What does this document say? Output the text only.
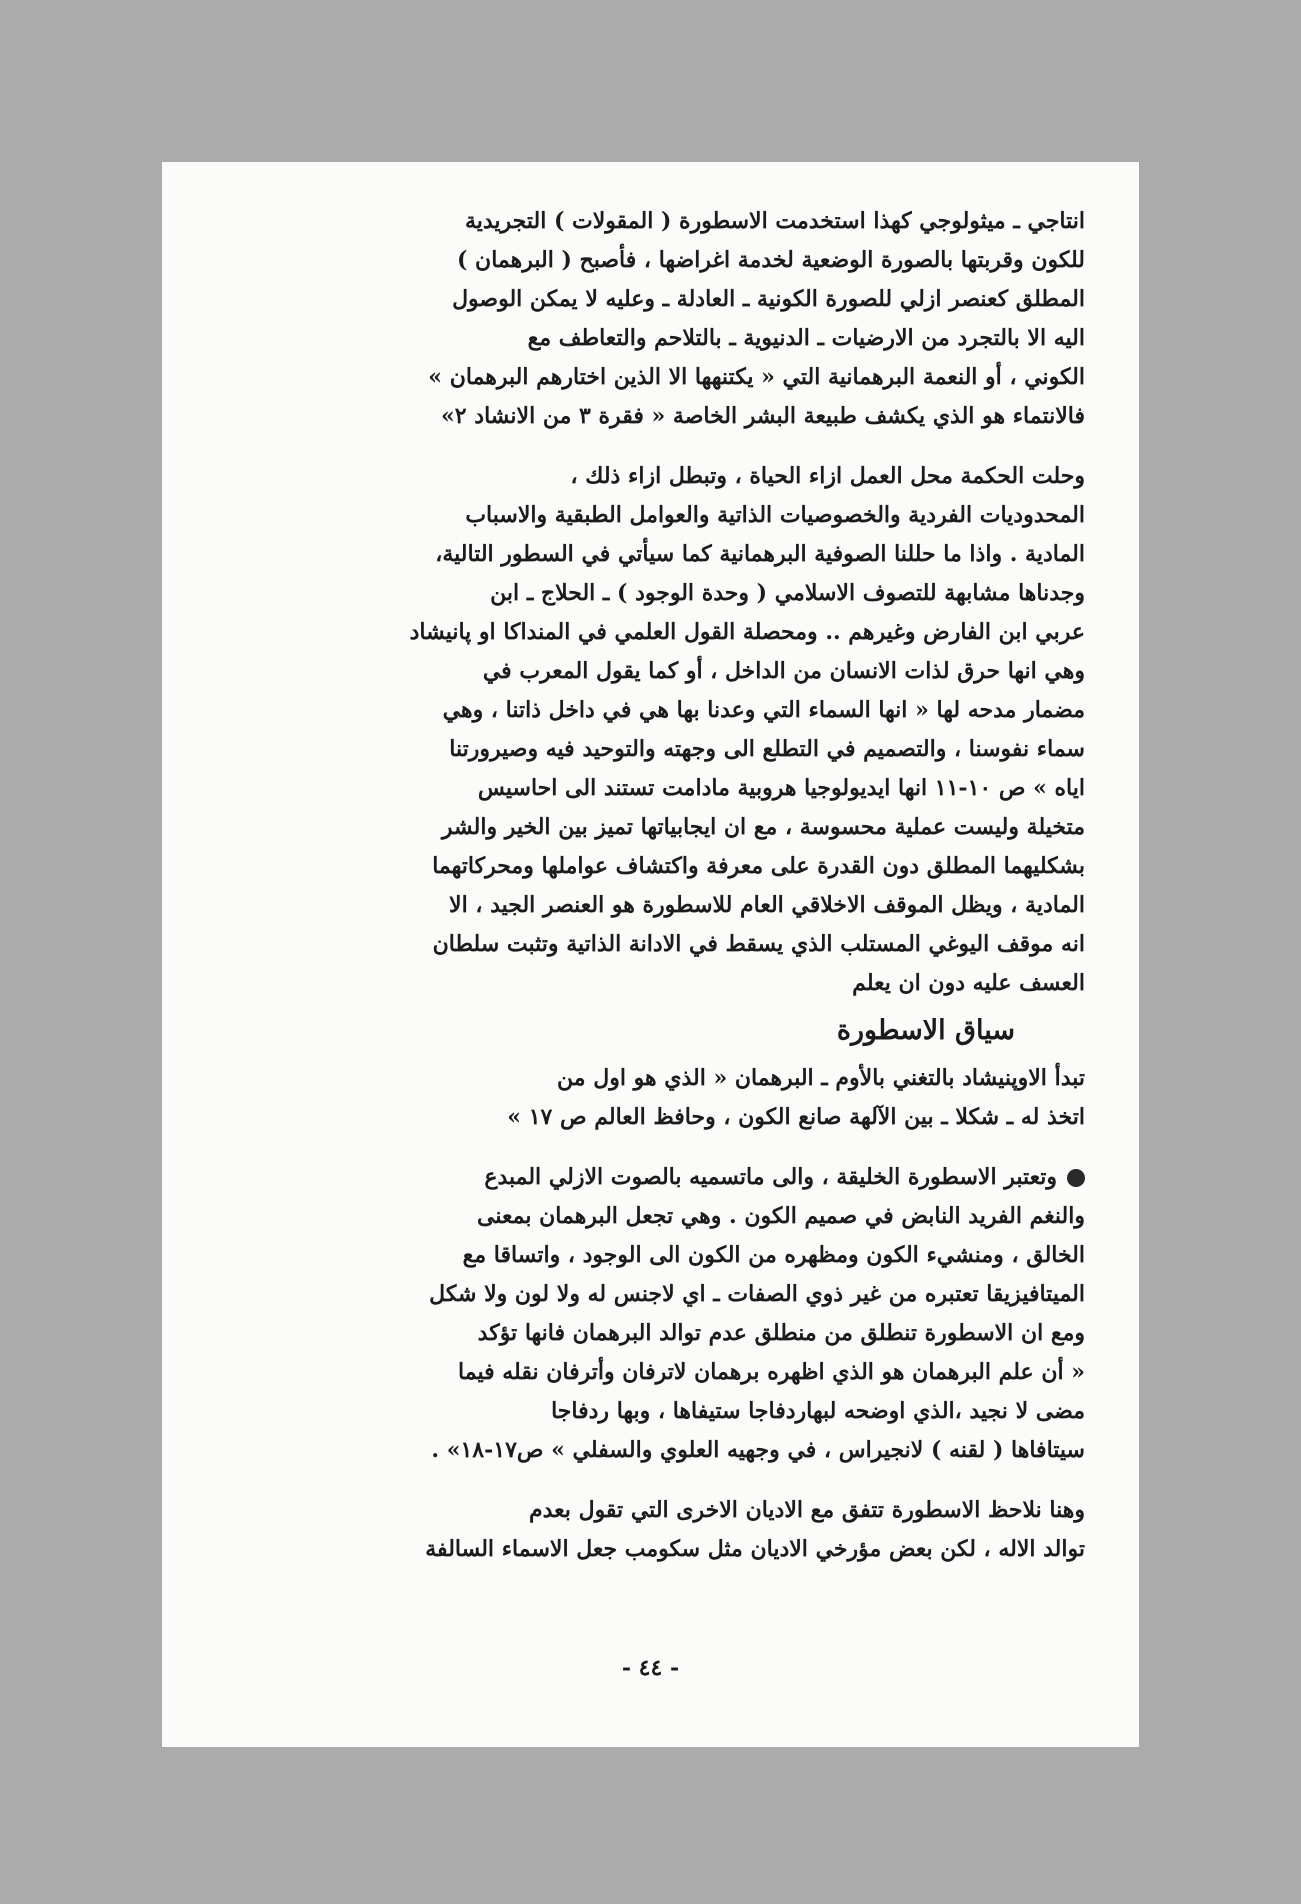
انتاجي ـ ميثولوجي كهذا استخدمت الاسطورة ( المقولات ) التجريدية
للكون وقربتها بالصورة الوضعية لخدمة اغراضها ، فأصبح ( البرهمان )
المطلق كعنصر ازلي للصورة الكونية ـ العادلة ـ وعليه لا يمكن الوصول
اليه الا بالتجرد من الارضيات ـ الدنيوية ـ بالتلاحم والتعاطف مع
الكوني ، أو النعمة البرهمانية التي « يكتنهها الا الذين اختارهم البرهمان »
فالانتماء هو الذي يكشف طبيعة البشر الخاصة « فقرة ٣ من الانشاد ٢»
وحلت الحكمة محل العمل ازاء الحياة ، وتبطل ازاء ذلك ،
المحدوديات الفردية والخصوصيات الذاتية والعوامل الطبقية والاسباب
المادية . واذا ما حللنا الصوفية البرهمانية كما سيأتي في السطور التالية،
وجدناها مشابهة للتصوف الاسلامي ( وحدة الوجود ) ـ الحلاج ـ ابن
عربي ابن الفارض وغيرهم .. ومحصلة القول العلمي في المنداكا او پانيشاد
وهي انها حرق لذات الانسان من الداخل ، أو كما يقول المعرب في
مضمار مدحه لها « انها السماء التي وعدنا بها هي في داخل ذاتنا ، وهي
سماء نفوسنا ، والتصميم في التطلع الى وجهته والتوحيد فيه وصيرورتنا
اياه » ص ١٠-١١ انها ايديولوجيا هروبية مادامت تستند الى احاسيس
متخيلة وليست عملية محسوسة ، مع ان ايجابياتها تميز بين الخير والشر
بشكليهما المطلق دون القدرة على معرفة واكتشاف عواملها ومحركاتهما
المادية ، ويظل الموقف الاخلاقي العام للاسطورة هو العنصر الجيد ، الا
انه موقف اليوغي المستلب الذي يسقط في الادانة الذاتية وتثبت سلطان
العسف عليه دون ان يعلم
سياق الاسطورة
تبدأ الاوپنيشاد بالتغني بالأوم ـ البرهمان « الذي هو اول من
اتخذ له ـ شكلا ـ بين الآلهة صانع الكون ، وحافظ العالم ص ١٧ »
وتعتبر الاسطورة الخليقة ، والى ماتسميه بالصوت الازلي المبدع
والنغم الفريد النابض في صميم الكون . وهي تجعل البرهمان بمعنى
الخالق ، ومنشيء الكون ومظهره من الكون الى الوجود ، واتساقا مع
الميتافيزيقا تعتبره من غير ذوي الصفات ـ اي لاجنس له ولا لون ولا شكل
ومع ان الاسطورة تنطلق من منطلق عدم توالد البرهمان فانها تؤكد
« أن علم البرهمان هو الذي اظهره برهمان لاترفان وأترفان نقله فيما
مضى لا نجيد ،الذي اوضحه لبهاردفاجا ستيفاها ، وبها ردفاجا
سيتافاها ( لقنه ) لانجيراس ، في وجهيه العلوي والسفلي » ص١٧-١٨» .
وهنا نلاحظ الاسطورة تتفق مع الاديان الاخرى التي تقول بعدم
توالد الاله ، لكن بعض مؤرخي الاديان مثل سكومب جعل الاسماء السالفة
- ٤٤ -
